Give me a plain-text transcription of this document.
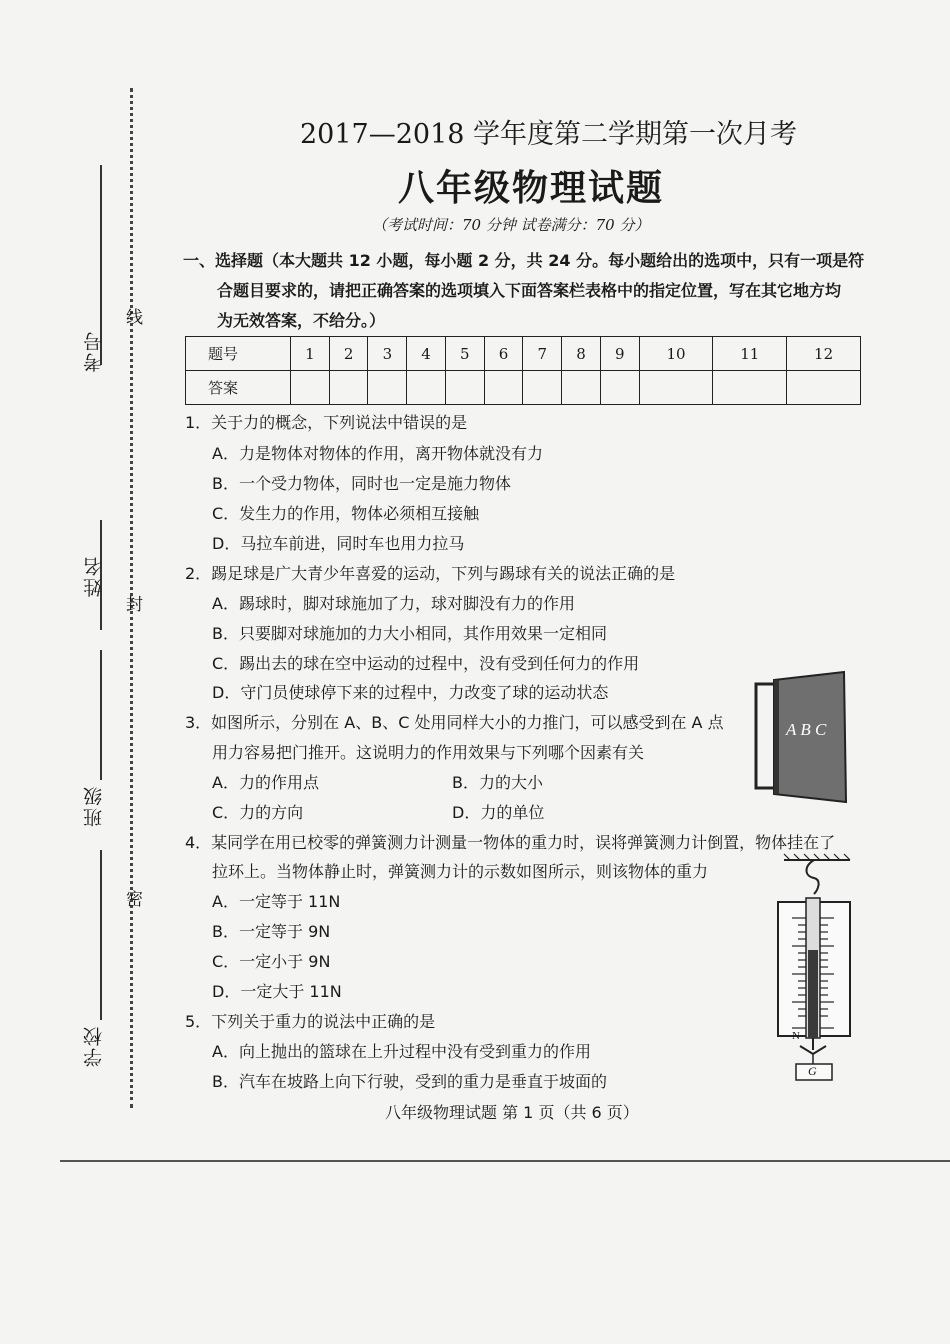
考号
姓名
班级
学校
线
封
密
2017—2018 学年度第二学期第一次月考
八年级物理试题
（考试时间：70 分钟 试卷满分：70 分）
一、选择题（本大题共 12 小题，每小题 2 分，共 24 分。每小题给出的选项中，只有一项是符
合题目要求的，请把正确答案的选项填入下面答案栏表格中的指定位置，写在其它地方均
为无效答案，不给分。）
题号	1	2	3	4	5	6	7	8	9	10	11	12
答案												
1．关于力的概念，下列说法中错误的是
A．力是物体对物体的作用，离开物体就没有力
B．一个受力物体，同时也一定是施力物体
C．发生力的作用，物体必须相互接触
D．马拉车前进，同时车也用力拉马
2．踢足球是广大青少年喜爱的运动，下列与踢球有关的说法正确的是
A．踢球时，脚对球施加了力，球对脚没有力的作用
B．只要脚对球施加的力大小相同，其作用效果一定相同
C．踢出去的球在空中运动的过程中，没有受到任何力的作用
D．守门员使球停下来的过程中，力改变了球的运动状态
3．如图所示，分别在 A、B、C 处用同样大小的力推门，可以感受到在 A 点
用力容易把门推开。这说明力的作用效果与下列哪个因素有关
A．力的作用点	B．力的大小
C．力的方向	D．力的单位
A B C
4．某同学在用已校零的弹簧测力计测量一物体的重力时，误将弹簧测力计倒置，物体挂在了
拉环上。当物体静止时，弹簧测力计的示数如图所示，则该物体的重力
A．一定等于 11N
B．一定等于 9N
C．一定小于 9N
D．一定大于 11N
N
G
5．下列关于重力的说法中正确的是
A．向上抛出的篮球在上升过程中没有受到重力的作用
B．汽车在坡路上向下行驶，受到的重力是垂直于坡面的
八年级物理试题 第 1 页（共 6 页）
